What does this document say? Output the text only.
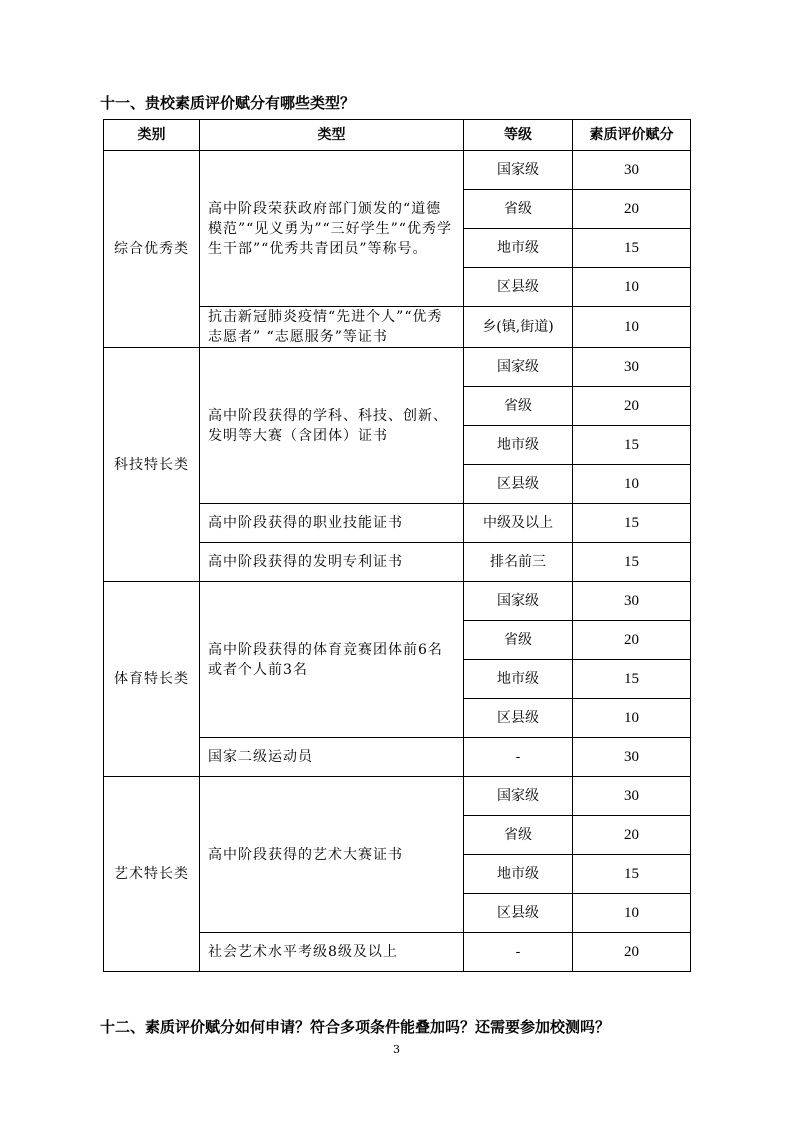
十一、贵校素质评价赋分有哪些类型？
类别	类型	等级	素质评价赋分
综合优秀类	高中阶段荣获政府部门颁发的“道德模范”“见义勇为”“三好学生”“优秀学生干部”“优秀共青团员”等称号。	国家级	30
		省级	20
		地市级	15
		区县级	10
	抗击新冠肺炎疫情“先进个人”“优秀志愿者” “志愿服务”等证书	乡(镇,街道)	10
科技特长类	高中阶段获得的学科、科技、创新、发明等大赛（含团体）证书	国家级	30
		省级	20
		地市级	15
		区县级	10
	高中阶段获得的职业技能证书	中级及以上	15
	高中阶段获得的发明专利证书	排名前三	15
体育特长类	高中阶段获得的体育竞赛团体前6名或者个人前3名	国家级	30
		省级	20
		地市级	15
		区县级	10
	国家二级运动员	-	30
艺术特长类	高中阶段获得的艺术大赛证书	国家级	30
		省级	20
		地市级	15
		区县级	10
	社会艺术水平考级8级及以上	-	20
十二、素质评价赋分如何申请？符合多项条件能叠加吗？还需要参加校测吗？
3
